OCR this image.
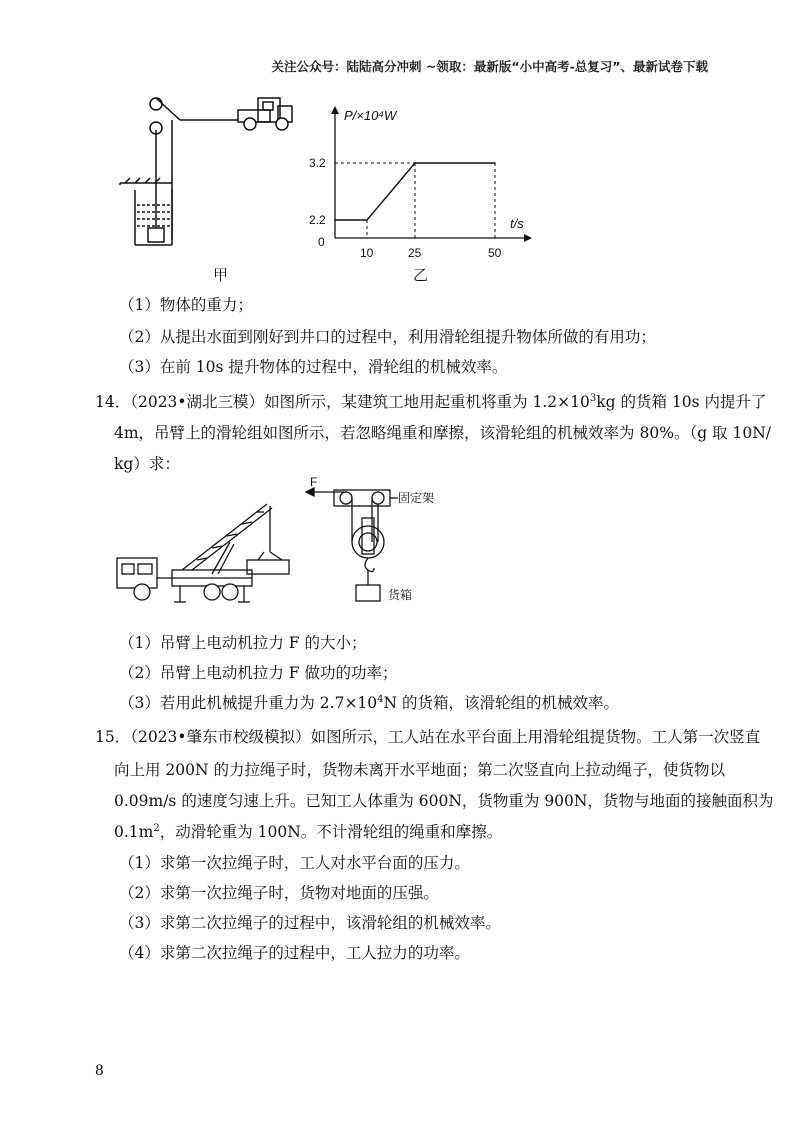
关注公众号：陆陆高分冲刺 ~领取：最新版“小中高考-总复习”、最新试卷下载
甲
P/×10⁴W
t/s
0
2.2
3.2
10	25	50
乙
（1）物体的重力；
（2）从提出水面到刚好到井口的过程中，利用滑轮组提升物体所做的有用功；
（3）在前 10s 提升物体的过程中，滑轮组的机械效率。
14．（2023•湖北三模）如图所示，某建筑工地用起重机将重为 $1.2\times 10^3kg$ 的货箱 10s 内提升了
4m，吊臂上的滑轮组如图所示，若忽略绳重和摩擦，该滑轮组的机械效率为 80%。（g 取 10N/
kg）求：
F
固定架
货箱
（1）吊臂上电动机拉力 F 的大小；
（2）吊臂上电动机拉力 F 做功的功率；
（3）若用此机械提升重力为 $2.7\times 10^4N$ 的货箱，该滑轮组的机械效率。
15．（2023•肇东市校级模拟）如图所示，工人站在水平台面上用滑轮组提货物。工人第一次竖直
向上用 200N 的力拉绳子时，货物未离开水平地面；第二次竖直向上拉动绳子，使货物以
0.09m/s 的速度匀速上升。已知工人体重为 600N，货物重为 900N，货物与地面的接触面积为
$0.1m^2$，动滑轮重为 100N。不计滑轮组的绳重和摩擦。
（1）求第一次拉绳子时，工人对水平台面的压力。
（2）求第一次拉绳子时，货物对地面的压强。
（3）求第二次拉绳子的过程中，该滑轮组的机械效率。
（4）求第二次拉绳子的过程中，工人拉力的功率。
8
